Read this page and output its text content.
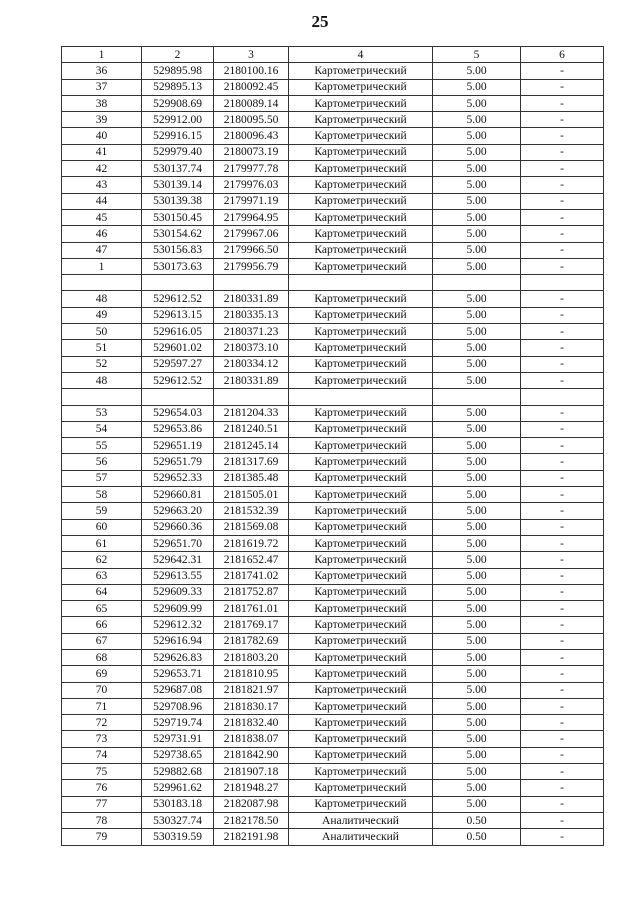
25
1	2	3	4	5	6
36	529895.98	2180100.16	Картометрический	5.00	-
37	529895.13	2180092.45	Картометрический	5.00	-
38	529908.69	2180089.14	Картометрический	5.00	-
39	529912.00	2180095.50	Картометрический	5.00	-
40	529916.15	2180096.43	Картометрический	5.00	-
41	529979.40	2180073.19	Картометрический	5.00	-
42	530137.74	2179977.78	Картометрический	5.00	-
43	530139.14	2179976.03	Картометрический	5.00	-
44	530139.38	2179971.19	Картометрический	5.00	-
45	530150.45	2179964.95	Картометрический	5.00	-
46	530154.62	2179967.06	Картометрический	5.00	-
47	530156.83	2179966.50	Картометрический	5.00	-
1	530173.63	2179956.79	Картометрический	5.00	-

48	529612.52	2180331.89	Картометрический	5.00	-
49	529613.15	2180335.13	Картометрический	5.00	-
50	529616.05	2180371.23	Картометрический	5.00	-
51	529601.02	2180373.10	Картометрический	5.00	-
52	529597.27	2180334.12	Картометрический	5.00	-
48	529612.52	2180331.89	Картометрический	5.00	-

53	529654.03	2181204.33	Картометрический	5.00	-
54	529653.86	2181240.51	Картометрический	5.00	-
55	529651.19	2181245.14	Картометрический	5.00	-
56	529651.79	2181317.69	Картометрический	5.00	-
57	529652.33	2181385.48	Картометрический	5.00	-
58	529660.81	2181505.01	Картометрический	5.00	-
59	529663.20	2181532.39	Картометрический	5.00	-
60	529660.36	2181569.08	Картометрический	5.00	-
61	529651.70	2181619.72	Картометрический	5.00	-
62	529642.31	2181652.47	Картометрический	5.00	-
63	529613.55	2181741.02	Картометрический	5.00	-
64	529609.33	2181752.87	Картометрический	5.00	-
65	529609.99	2181761.01	Картометрический	5.00	-
66	529612.32	2181769.17	Картометрический	5.00	-
67	529616.94	2181782.69	Картометрический	5.00	-
68	529626.83	2181803.20	Картометрический	5.00	-
69	529653.71	2181810.95	Картометрический	5.00	-
70	529687.08	2181821.97	Картометрический	5.00	-
71	529708.96	2181830.17	Картометрический	5.00	-
72	529719.74	2181832.40	Картометрический	5.00	-
73	529731.91	2181838.07	Картометрический	5.00	-
74	529738.65	2181842.90	Картометрический	5.00	-
75	529882.68	2181907.18	Картометрический	5.00	-
76	529961.62	2181948.27	Картометрический	5.00	-
77	530183.18	2182087.98	Картометрический	5.00	-
78	530327.74	2182178.50	Аналитический	0.50	-
79	530319.59	2182191.98	Аналитический	0.50	-
